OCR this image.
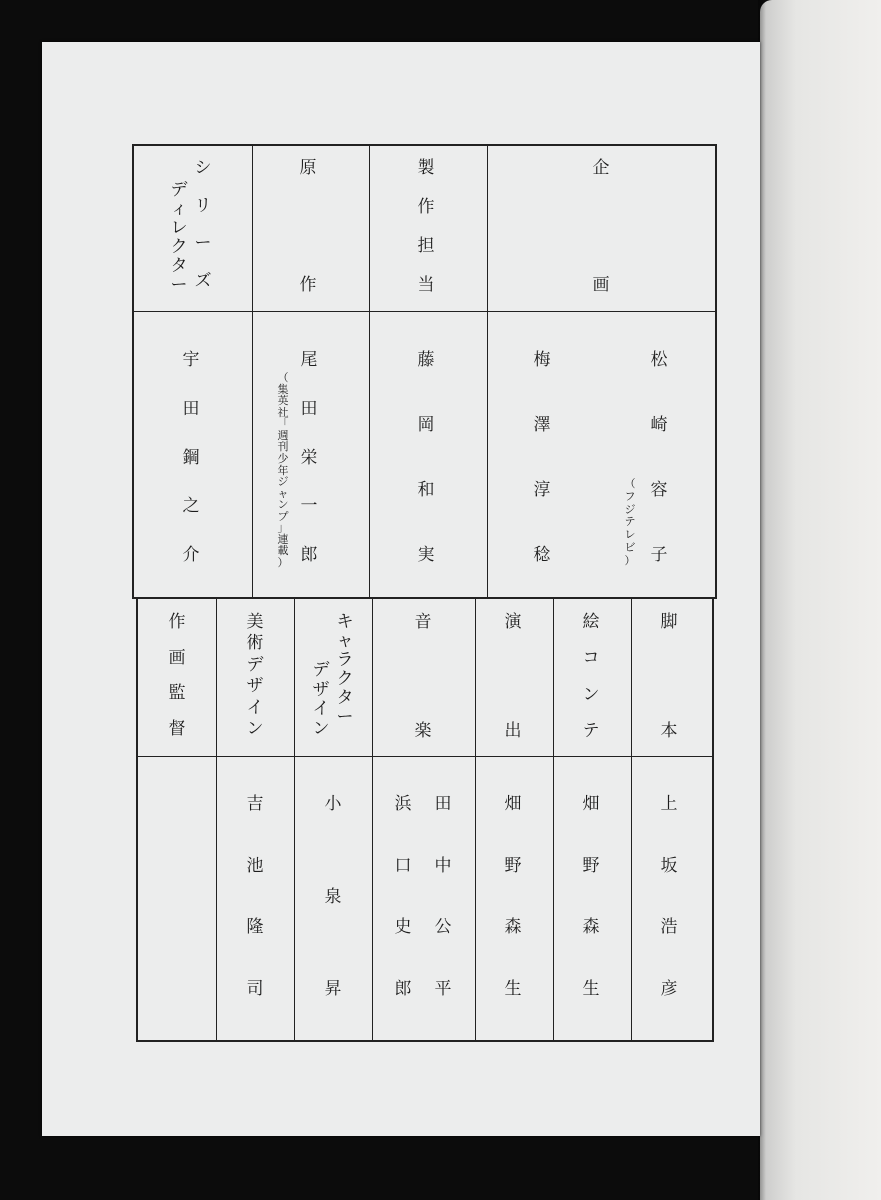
シ
リ
ー
ズ
デ
ィ
レ
ク
タ
ー
原
作
製
作
担
当
企
画
宇
田
鋼
之
介
尾
田
栄
一
郎
（
集
英
社
「
週
刊
少
年
ジ
ャ
ン
プ
」
連
載
）
藤
岡
和
実
梅
澤
淳
稔
松
崎
容
子
（
フ
ジ
テ
レ
ビ
）
作
画
監
督
美
術
デ
ザ
イ
ン
キ
ャ
ラ
ク
タ
ー
デ
ザ
イ
ン
音
楽
演
出
絵
コ
ン
テ
脚
本
吉
池
隆
司
小
泉
昇
浜
口
史
郎
田
中
公
平
畑
野
森
生
畑
野
森
生
上
坂
浩
彦
